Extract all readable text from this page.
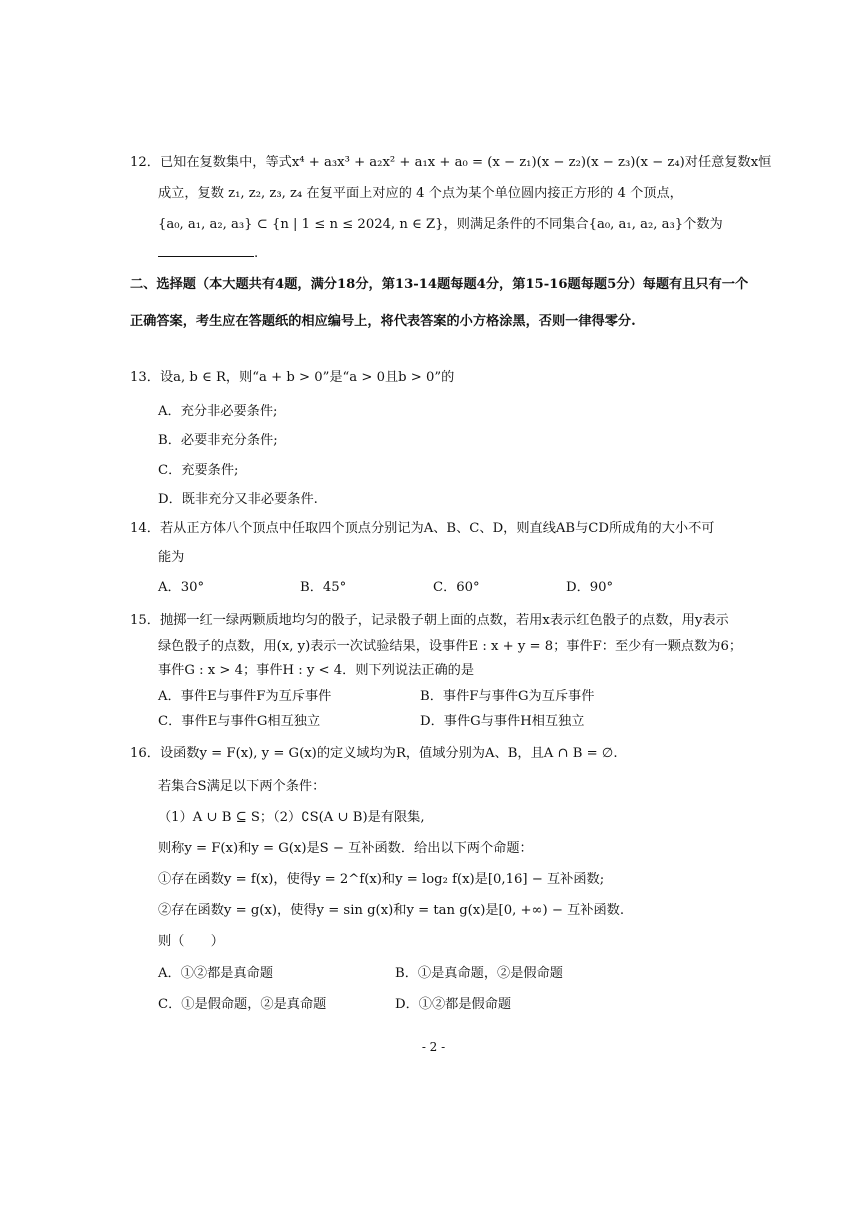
12．已知在复数集中，等式x⁴ + a₃x³ + a₂x² + a₁x + a₀ = (x − z₁)(x − z₂)(x − z₃)(x − z₄)对任意复数x恒
成立，复数 z₁, z₂, z₃, z₄ 在复平面上对应的 4 个点为某个单位圆内接正方形的 4 个顶点，
{a₀, a₁, a₂, a₃} ⊂ {n | 1 ≤ n ≤ 2024, n ∈ Z}，则满足条件的不同集合{a₀, a₁, a₂, a₃}个数为
.
二、选择题（本大题共有4题，满分18分，第13-14题每题4分，第15-16题每题5分）每题有且只有一个
正确答案，考生应在答题纸的相应编号上，将代表答案的小方格涂黑，否则一律得零分.
13．设a, b ∈ R，则“a + b > 0”是“a > 0且b > 0”的
A．充分非必要条件;
B．必要非充分条件;
C．充要条件;
D．既非充分又非必要条件.
14．若从正方体八个顶点中任取四个顶点分别记为A、B、C、D，则直线AB与CD所成角的大小不可
能为
A．30°	B．45°	C．60°	D．90°
15．抛掷一红一绿两颗质地均匀的骰子，记录骰子朝上面的点数，若用x表示红色骰子的点数，用y表示
绿色骰子的点数，用(x, y)表示一次试验结果，设事件E : x + y = 8；事件F：至少有一颗点数为6；
事件G : x > 4；事件H : y < 4．则下列说法正确的是
A．事件E与事件F为互斥事件	B．事件F与事件G为互斥事件
C．事件E与事件G相互独立	D．事件G与事件H相互独立
16．设函数y = F(x), y = G(x)的定义域均为R，值域分别为A、B，且A ∩ B = ∅.
若集合S满足以下两个条件：
（1）A ∪ B ⊆ S；（2）∁S(A ∪ B)是有限集,
则称y = F(x)和y = G(x)是S − 互补函数．给出以下两个命题：
①存在函数y = f(x)，使得y = 2^f(x)和y = log₂ f(x)是[0,16] − 互补函数;
②存在函数y = g(x)，使得y = sin g(x)和y = tan g(x)是[0, +∞) − 互补函数.
则（　　）
A．①②都是真命题	B．①是真命题，②是假命题
C．①是假命题，②是真命题	D．①②都是假命题
- 2 -
